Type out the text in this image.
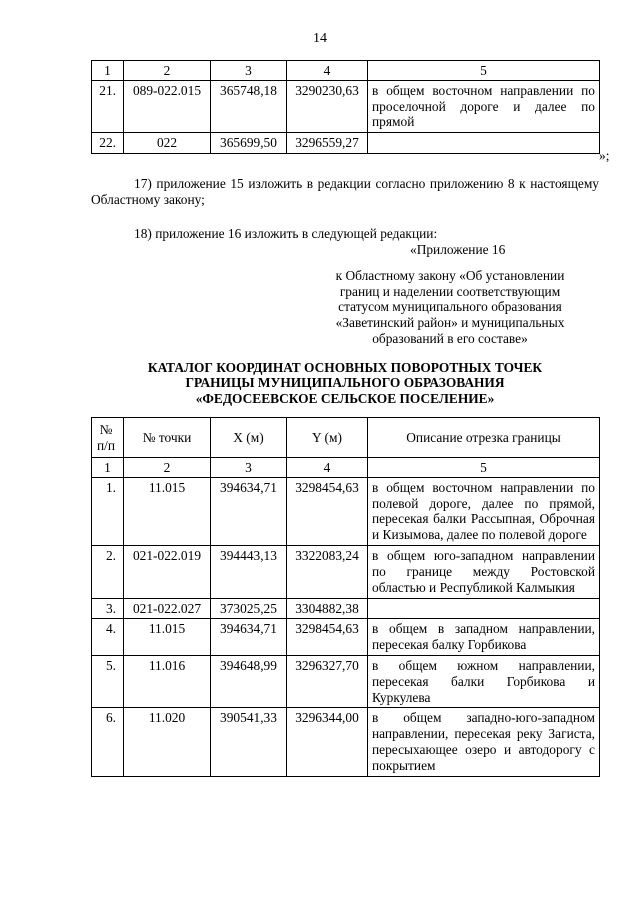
14
1	2	3	4	5
21.	089-022.015	365748,18	3290230,63	в общем восточном направлении по проселочной дороге и далее по прямой
22.	022	365699,50	3296559,27	
»;
17) приложение 15 изложить в редакции согласно приложению 8 к настоящему Областному закону;
18) приложение 16 изложить в следующей редакции:
«Приложение 16
к Областному закону «Об установлении
границ и наделении соответствующим
статусом муниципального образования
«Заветинский район» и муниципальных
образований в его составе»
КАТАЛОГ КООРДИНАТ ОСНОВНЫХ ПОВОРОТНЫХ ТОЧЕК
ГРАНИЦЫ МУНИЦИПАЛЬНОГО ОБРАЗОВАНИЯ
«ФЕДОСЕЕВСКОЕ СЕЛЬСКОЕ ПОСЕЛЕНИЕ»
№ п/п	№ точки	X (м)	Y (м)	Описание отрезка границы
1	2	3	4	5
1.	11.015	394634,71	3298454,63	в общем восточном направлении по полевой дороге, далее по прямой, пересекая балки Рассыпная, Оброчная и Кизымова, далее по полевой дороге
2.	021-022.019	394443,13	3322083,24	в общем юго-западном направлении по границе между Ростовской областью и Республикой Калмыкия
3.	021-022.027	373025,25	3304882,38	
4.	11.015	394634,71	3298454,63	в общем в западном направлении, пересекая балку Горбикова
5.	11.016	394648,99	3296327,70	в общем южном направлении, пересекая балки Горбикова и Куркулева
6.	11.020	390541,33	3296344,00	в общем западно-юго-западном направлении, пересекая реку Загиста, пересыхающее озеро и автодорогу с покрытием
